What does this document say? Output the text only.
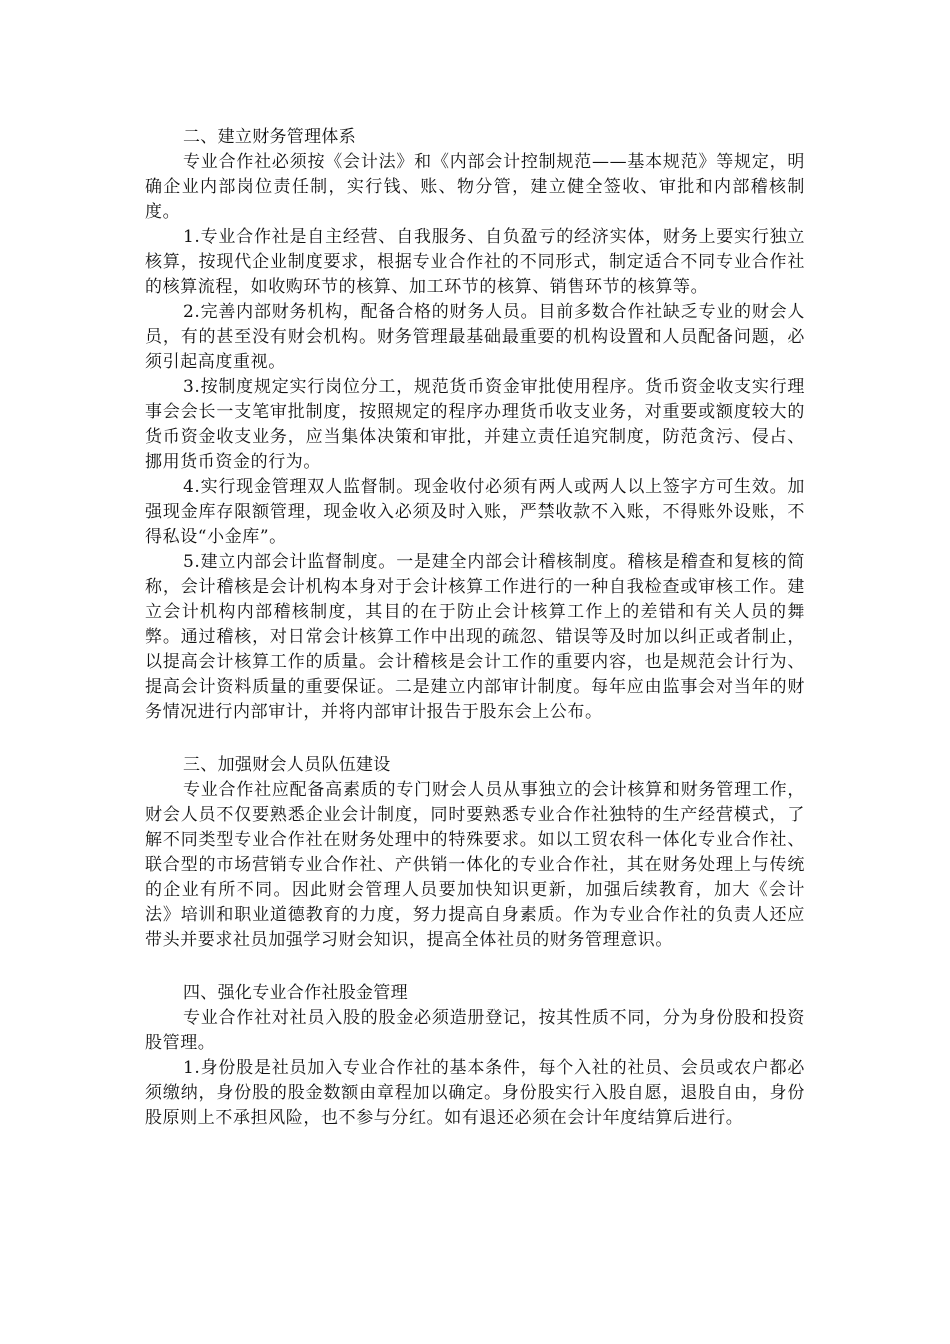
二、建立财务管理体系

专业合作社必须按《会计法》和《内部会计控制规范——基本规范》等规定，明确企业内部岗位责任制，实行钱、账、物分管，建立健全签收、审批和内部稽核制度。

1.专业合作社是自主经营、自我服务、自负盈亏的经济实体，财务上要实行独立核算，按现代企业制度要求，根据专业合作社的不同形式，制定适合不同专业合作社的核算流程，如收购环节的核算、加工环节的核算、销售环节的核算等。

2.完善内部财务机构，配备合格的财务人员。目前多数合作社缺乏专业的财会人员，有的甚至没有财会机构。财务管理最基础最重要的机构设置和人员配备问题，必须引起高度重视。

3.按制度规定实行岗位分工，规范货币资金审批使用程序。货币资金收支实行理事会会长一支笔审批制度，按照规定的程序办理货币收支业务，对重要或额度较大的货币资金收支业务，应当集体决策和审批，并建立责任追究制度，防范贪污、侵占、挪用货币资金的行为。

4.实行现金管理双人监督制。现金收付必须有两人或两人以上签字方可生效。加强现金库存限额管理，现金收入必须及时入账，严禁收款不入账，不得账外设账，不得私设“小金库”。

5.建立内部会计监督制度。一是建全内部会计稽核制度。稽核是稽查和复核的简称，会计稽核是会计机构本身对于会计核算工作进行的一种自我检查或审核工作。建立会计机构内部稽核制度，其目的在于防止会计核算工作上的差错和有关人员的舞弊。通过稽核，对日常会计核算工作中出现的疏忽、错误等及时加以纠正或者制止，以提高会计核算工作的质量。会计稽核是会计工作的重要内容，也是规范会计行为、提高会计资料质量的重要保证。二是建立内部审计制度。每年应由监事会对当年的财务情况进行内部审计，并将内部审计报告于股东会上公布。

三、加强财会人员队伍建设

专业合作社应配备高素质的专门财会人员从事独立的会计核算和财务管理工作，财会人员不仅要熟悉企业会计制度，同时要熟悉专业合作社独特的生产经营模式，了解不同类型专业合作社在财务处理中的特殊要求。如以工贸农科一体化专业合作社、联合型的市场营销专业合作社、产供销一体化的专业合作社，其在财务处理上与传统的企业有所不同。因此财会管理人员要加快知识更新，加强后续教育，加大《会计法》培训和职业道德教育的力度，努力提高自身素质。作为专业合作社的负责人还应带头并要求社员加强学习财会知识，提高全体社员的财务管理意识。

四、强化专业合作社股金管理

专业合作社对社员入股的股金必须造册登记，按其性质不同，分为身份股和投资股管理。

1.身份股是社员加入专业合作社的基本条件，每个入社的社员、会员或农户都必须缴纳，身份股的股金数额由章程加以确定。身份股实行入股自愿，退股自由，身份股原则上不承担风险，也不参与分红。如有退还必须在会计年度结算后进行。
